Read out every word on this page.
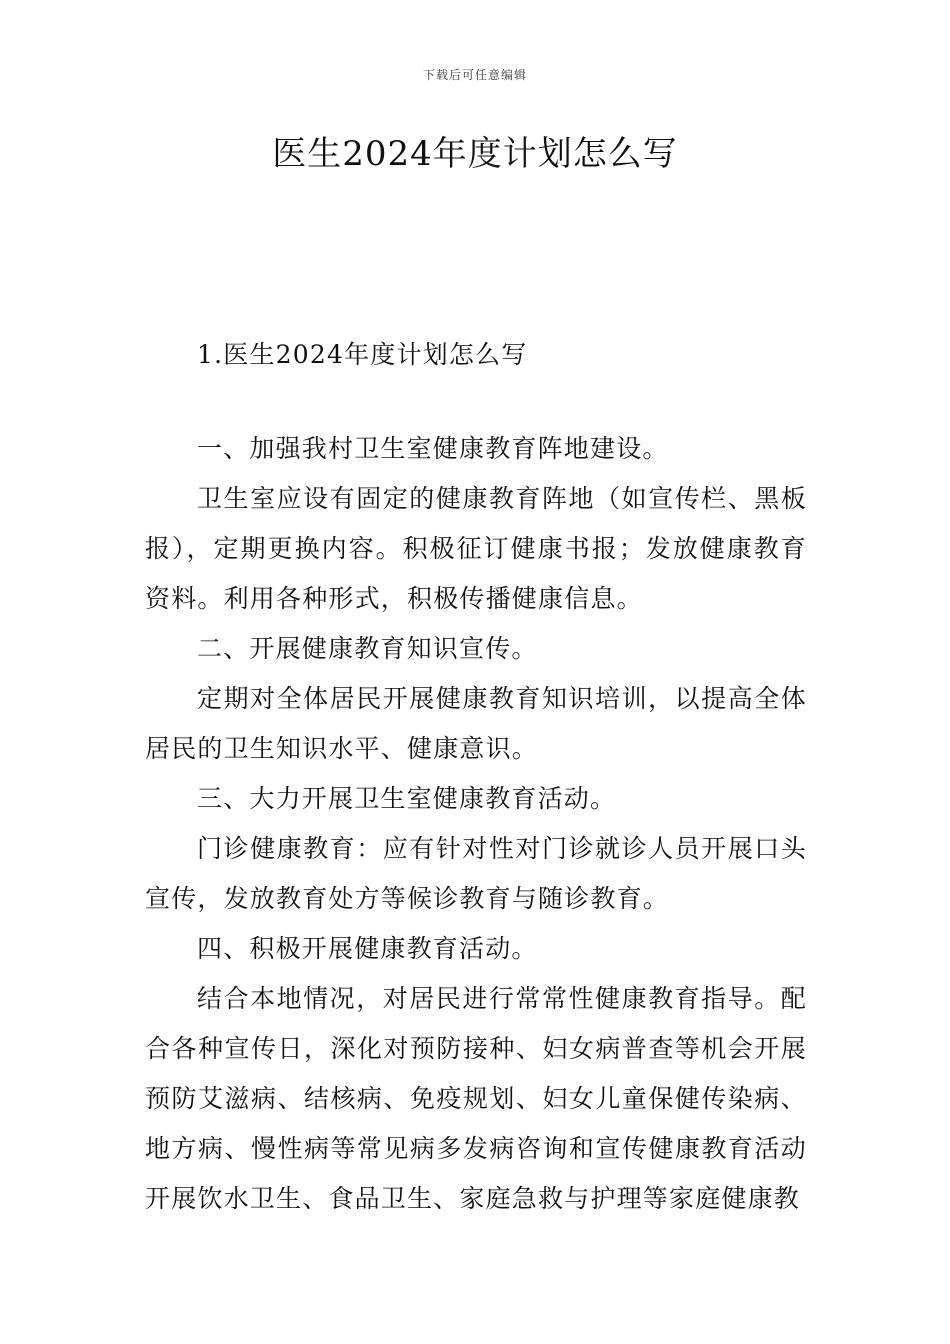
下载后可任意编辑
医生2024年度计划怎么写

1.医生2024年度计划怎么写

一、加强我村卫生室健康教育阵地建设。

卫生室应设有固定的健康教育阵地（如宣传栏、黑板报），定期更换内容。积极征订健康书报；发放健康教育资料。利用各种形式，积极传播健康信息。

二、开展健康教育知识宣传。

定期对全体居民开展健康教育知识培训，以提高全体居民的卫生知识水平、健康意识。

三、大力开展卫生室健康教育活动。

门诊健康教育：应有针对性对门诊就诊人员开展口头宣传，发放教育处方等候诊教育与随诊教育。

四、积极开展健康教育活动。

结合本地情况，对居民进行常常性健康教育指导。配合各种宣传日，深化对预防接种、妇女病普查等机会开展预防艾滋病、结核病、免疫规划、妇女儿童保健传染病、地方病、慢性病等常见病多发病咨询和宣传健康教育活动开展饮水卫生、食品卫生、家庭急救与护理等家庭健康教
